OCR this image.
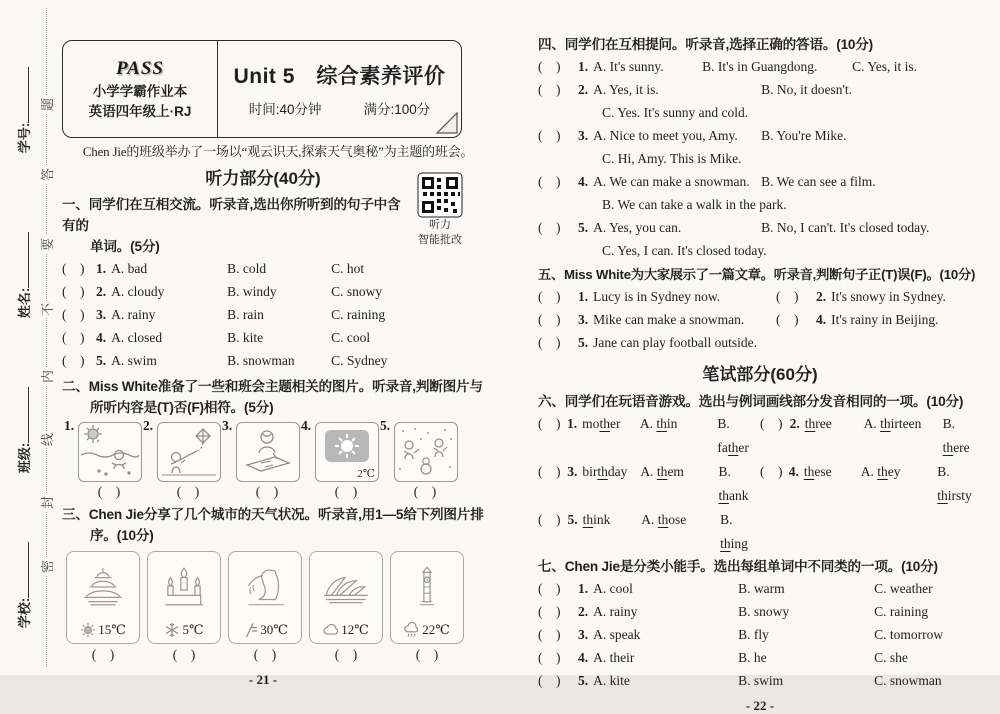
题
答
要
不
内
线
封
密
学号:
姓名:
班级:
学校:
PASS
小学学霸作业本
英语四年级上·RJ
Unit 5　综合素养评价
时间:40分钟	满分:100分
Chen Jie的班级举办了一场以“观云识天,探索天气奥秘”为主题的班会。
听力部分(40分)
一、同学们在互相交流。听录音,选出你所听到的句子中含有的
单词。(5分)
听力
智能批改
(    ) 1. A. bad	B. cold	C. hot
(    ) 2. A. cloudy	B. windy	C. snowy
(    ) 3. A. rainy	B. rain	C. raining
(    ) 4. A. closed	B. kite	C. cool
(    ) 5. A. swim	B. snowman	C. Sydney
二、Miss White准备了一些和班会主题相关的图片。听录音,判断图片与
所听内容是(T)否(F)相符。(5分)
1.
(    )
2.
(    )
3.
(    )
4.
2℃
(    )
5.
(    )
三、Chen Jie分享了几个城市的天气状况。听录音,用1—5给下列图片排
序。(10分)
15℃	5℃	30℃	12℃	22℃
(    )	(    )	(    )	(    )	(    )
- 21 -
四、同学们在互相提问。听录音,选择正确的答语。(10分)
(    )	1. A. It's sunny.	B. It's in Guangdong.	C. Yes, it is.
(    )	2. A. Yes, it is.	B. No, it doesn't.
C. Yes. It's sunny and cold.
(    )	3. A. Nice to meet you, Amy.	B. You're Mike.
C. Hi, Amy. This is Mike.
(    )	4. A. We can make a snowman. B. We can see a film.
B. We can take a walk in the park.
(    )	5. A. Yes, you can.	B. No, I can't. It's closed today.
C. Yes, I can. It's closed today.
五、Miss White为大家展示了一篇文章。听录音,判断句子正(T)误(F)。(10分)
(    )	1. Lucy is in Sydney now.
(    )	3. Mike can make a snowman.
(    )	5. Jane can play football outside.
(    )	2. It's snowy in Sydney.
(    )	4. It's rainy in Beijing.
笔试部分(60分)
六、同学们在玩语音游戏。选出与例词画线部分发音相同的一项。(10分)
(    ) 1. mother	A. thin	B. father
(    ) 2. three	A. thirteen	B. there
(    ) 3. birthday A. them	B. thank
(    ) 4. these	A. they	B. thirsty
(    ) 5. think	A. those	B. thing
七、Chen Jie是分类小能手。选出每组单词中不同类的一项。(10分)
(    )	1. A. cool	B. warm	C. weather
(    )	2. A. rainy	B. snowy	C. raining
(    )	3. A. speak	B. fly	C. tomorrow
(    )	4. A. their	B. he	C. she
(    )	5. A. kite	B. swim	C. snowman
- 22 -
